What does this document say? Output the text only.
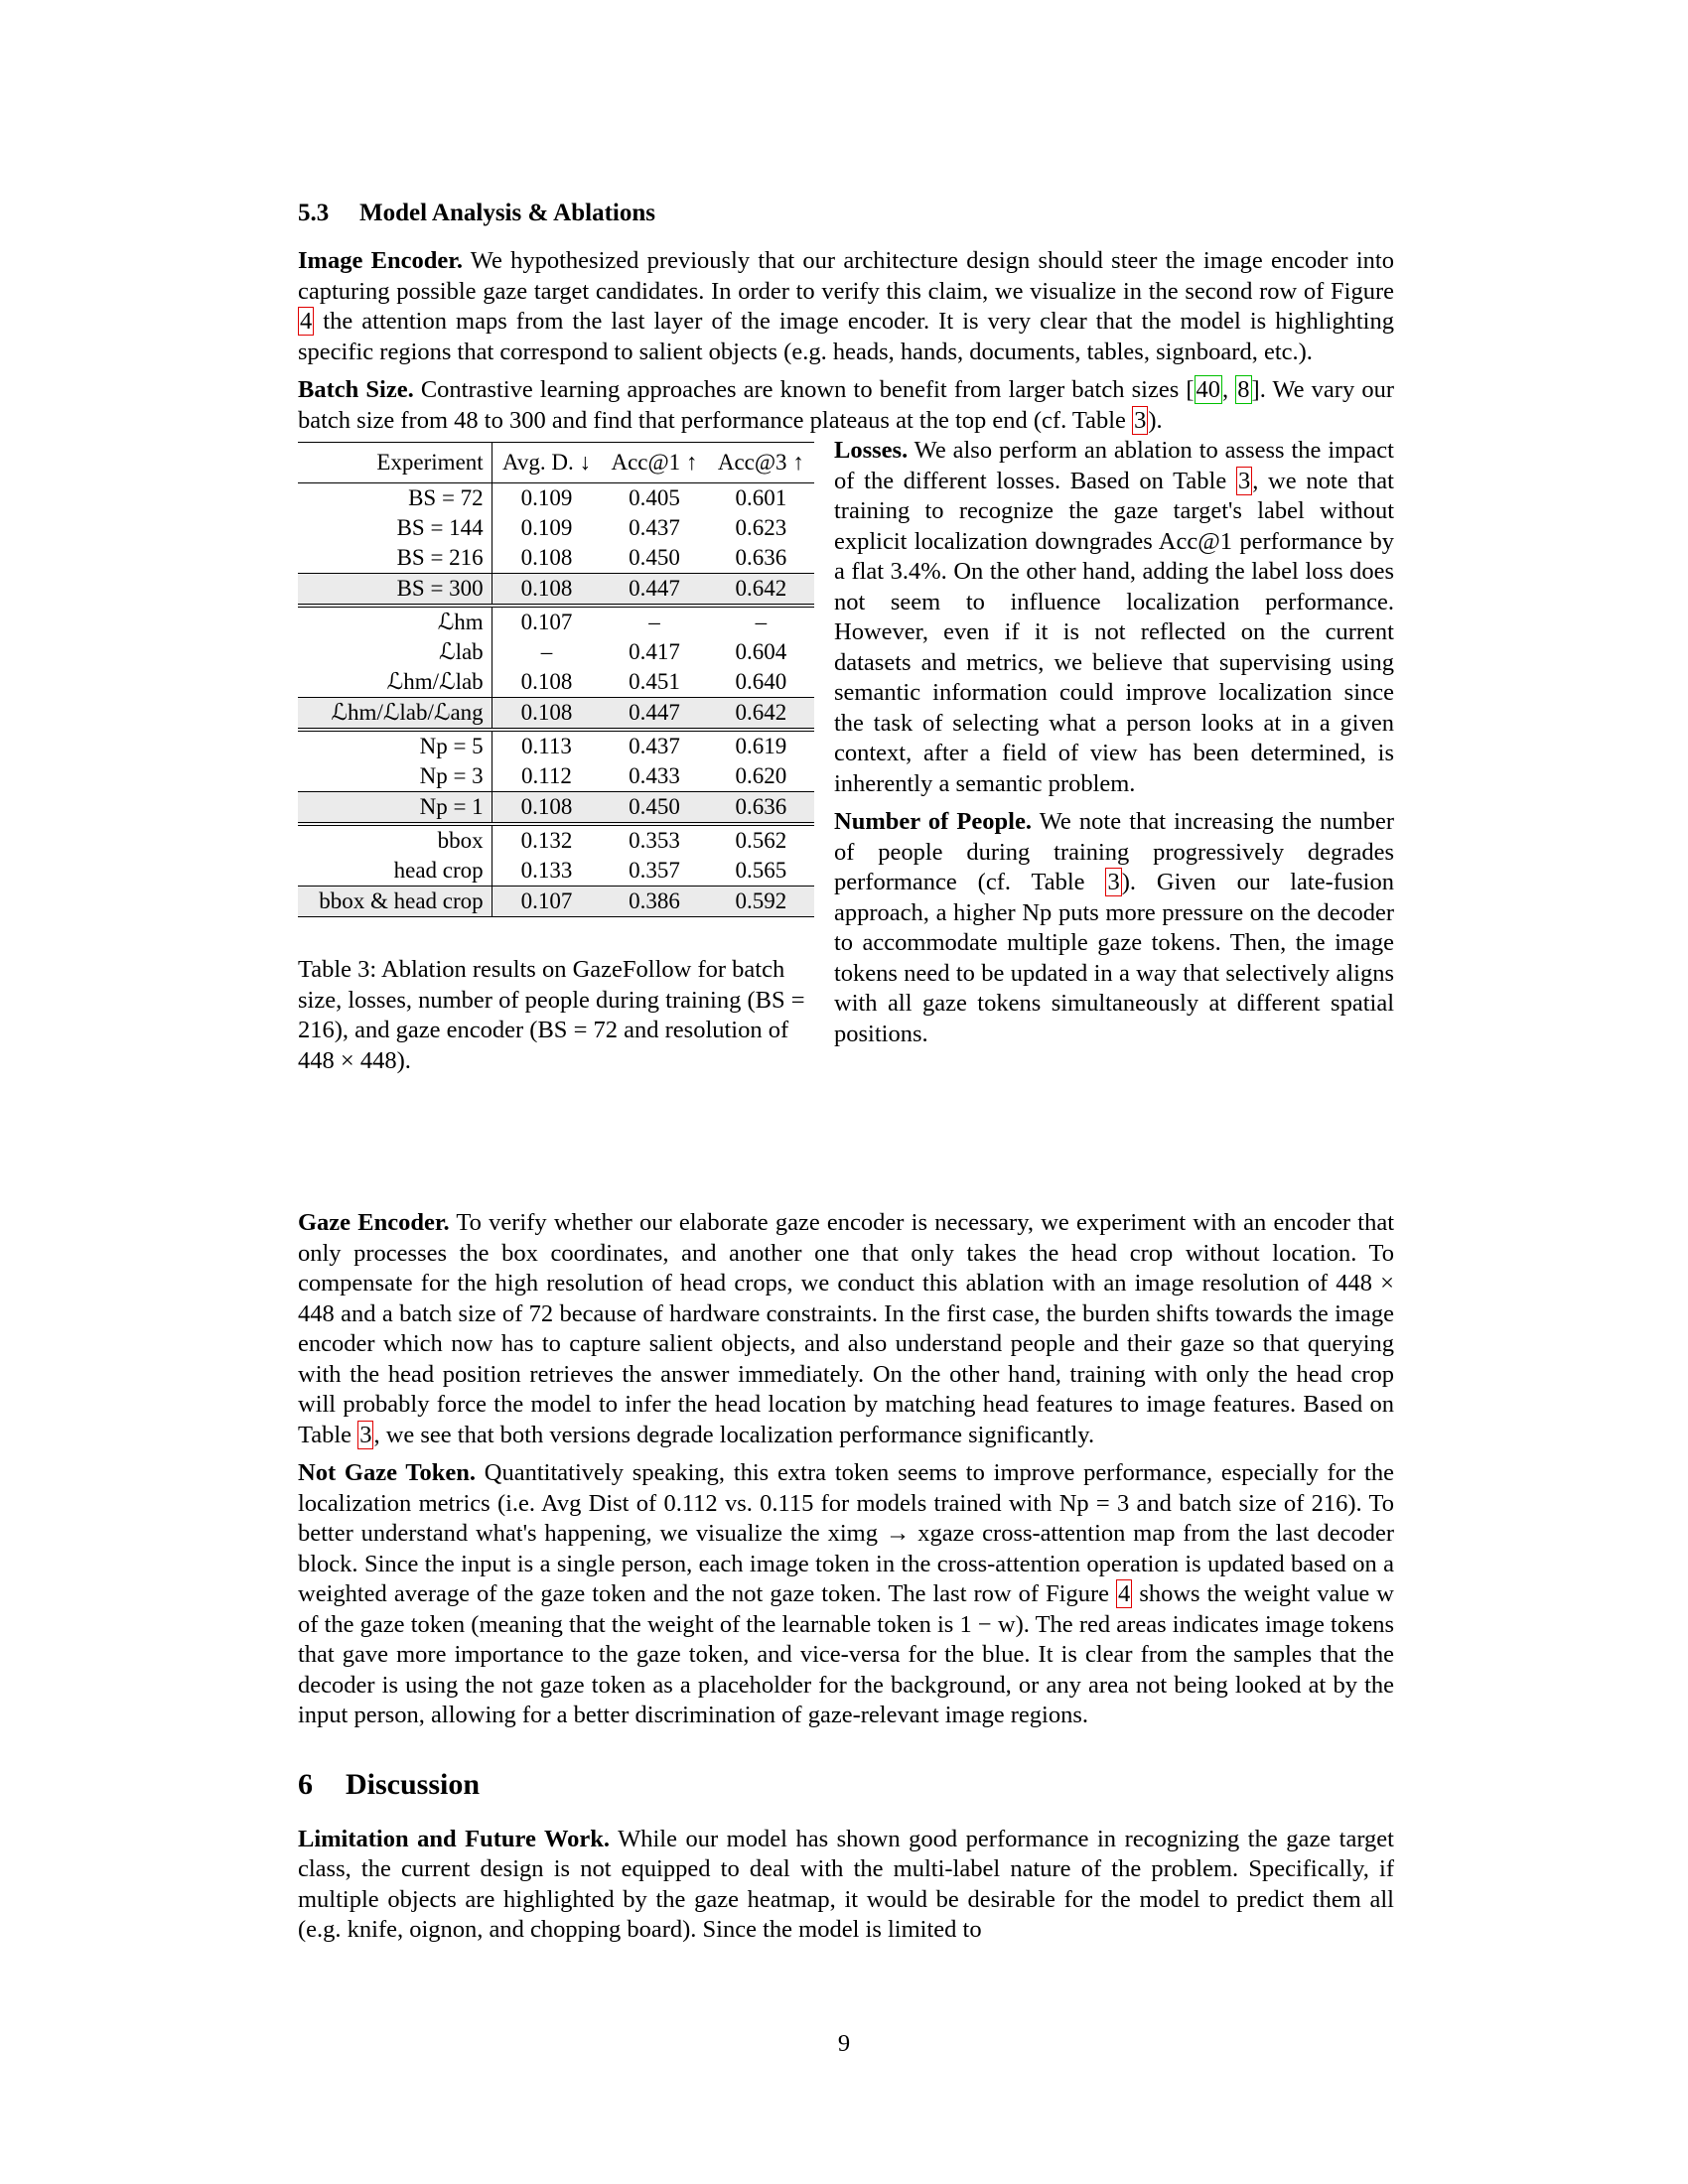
5.3 Model Analysis & Ablations

Image Encoder. We hypothesized previously that our architecture design should steer the image encoder into capturing possible gaze target candidates. In order to verify this claim, we visualize in the second row of Figure 4 the attention maps from the last layer of the image encoder. It is very clear that the model is highlighting specific regions that correspond to salient objects (e.g. heads, hands, documents, tables, signboard, etc.).

Batch Size. Contrastive learning approaches are known to benefit from larger batch sizes [40, 8]. We vary our batch size from 48 to 300 and find that performance plateaus at the top end (cf. Table 3).

Experiment	Avg. D. ↓	Acc@1 ↑	Acc@3 ↑
BS = 72	0.109	0.405	0.601
BS = 144	0.109	0.437	0.623
BS = 216	0.108	0.450	0.636
BS = 300	0.108	0.447	0.642
ℒhm	0.107	–	–
ℒlab	–	0.417	0.604
ℒhm/ℒlab	0.108	0.451	0.640
ℒhm/ℒlab/ℒang	0.108	0.447	0.642
Np = 5	0.113	0.437	0.619
Np = 3	0.112	0.433	0.620
Np = 1	0.108	0.450	0.636
bbox	0.132	0.353	0.562
head crop	0.133	0.357	0.565
bbox & head crop	0.107	0.386	0.592
Table 3: Ablation results on GazeFollow for batch size, losses, number of people during training (BS = 216), and gaze encoder (BS = 72 and resolution of 448 × 448).

Losses. We also perform an ablation to assess the impact of the different losses. Based on Table 3, we note that training to recognize the gaze target's label without explicit localization downgrades Acc@1 performance by a flat 3.4%. On the other hand, adding the label loss does not seem to influence localization performance. However, even if it is not reflected on the current datasets and metrics, we believe that supervising using semantic information could improve localization since the task of selecting what a person looks at in a given context, after a field of view has been determined, is inherently a semantic problem.

Number of People. We note that increasing the number of people during training progressively degrades performance (cf. Table 3). Given our late-fusion approach, a higher Np puts more pressure on the decoder to accommodate multiple gaze tokens. Then, the image tokens need to be updated in a way that selectively aligns with all gaze tokens simultaneously at different spatial positions.

Gaze Encoder. To verify whether our elaborate gaze encoder is necessary, we experiment with an encoder that only processes the box coordinates, and another one that only takes the head crop without location. To compensate for the high resolution of head crops, we conduct this ablation with an image resolution of 448 × 448 and a batch size of 72 because of hardware constraints. In the first case, the burden shifts towards the image encoder which now has to capture salient objects, and also understand people and their gaze so that querying with the head position retrieves the answer immediately. On the other hand, training with only the head crop will probably force the model to infer the head location by matching head features to image features. Based on Table 3, we see that both versions degrade localization performance significantly.

Not Gaze Token. Quantitatively speaking, this extra token seems to improve performance, especially for the localization metrics (i.e. Avg Dist of 0.112 vs. 0.115 for models trained with Np = 3 and batch size of 216). To better understand what's happening, we visualize the ximg → xgaze cross-attention map from the last decoder block. Since the input is a single person, each image token in the cross-attention operation is updated based on a weighted average of the gaze token and the not gaze token. The last row of Figure 4 shows the weight value w of the gaze token (meaning that the weight of the learnable token is 1 − w). The red areas indicates image tokens that gave more importance to the gaze token, and vice-versa for the blue. It is clear from the samples that the decoder is using the not gaze token as a placeholder for the background, or any area not being looked at by the input person, allowing for a better discrimination of gaze-relevant image regions.

6 Discussion

Limitation and Future Work. While our model has shown good performance in recognizing the gaze target class, the current design is not equipped to deal with the multi-label nature of the problem. Specifically, if multiple objects are highlighted by the gaze heatmap, it would be desirable for the model to predict them all (e.g. knife, oignon, and chopping board). Since the model is limited to

9
